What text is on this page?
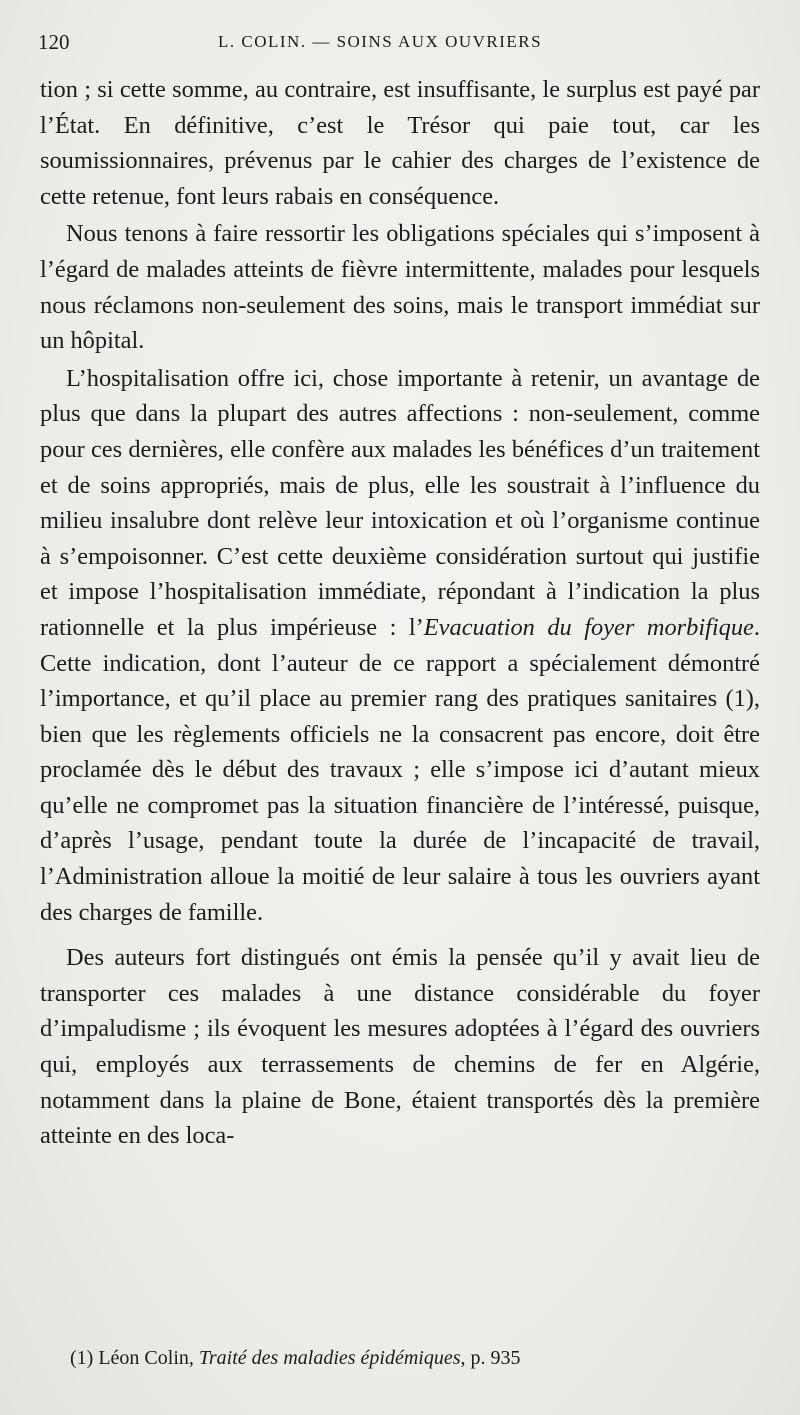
120	L. COLIN. — SOINS AUX OUVRIERS

tion ; si cette somme, au contraire, est insuffisante, le surplus est payé par l’État. En définitive, c’est le Trésor qui paie tout, car les soumissionnaires, prévenus par le cahier des charges de l’existence de cette retenue, font leurs rabais en conséquence.

Nous tenons à faire ressortir les obligations spéciales qui s’imposent à l’égard de malades atteints de fièvre intermittente, malades pour lesquels nous réclamons non-seulement des soins, mais le transport immédiat sur un hôpital.

L’hospitalisation offre ici, chose importante à retenir, un avantage de plus que dans la plupart des autres affections : non-seulement, comme pour ces dernières, elle confère aux malades les bénéfices d’un traitement et de soins appropriés, mais de plus, elle les soustrait à l’influence du milieu insalubre dont relève leur intoxication et où l’organisme continue à s’empoisonner. C’est cette deuxième considération surtout qui justifie et impose l’hospitalisation immédiate, répondant à l’indication la plus rationnelle et la plus impérieuse : l’Evacuation du foyer morbifique. Cette indication, dont l’auteur de ce rapport a spécialement démontré l’importance, et qu’il place au premier rang des pratiques sanitaires (1), bien que les règlements officiels ne la consacrent pas encore, doit être proclamée dès le début des travaux ; elle s’impose ici d’autant mieux qu’elle ne compromet pas la situation financière de l’intéressé, puisque, d’après l’usage, pendant toute la durée de l’incapacité de travail, l’Administration alloue la moitié de leur salaire à tous les ouvriers ayant des charges de famille.

Des auteurs fort distingués ont émis la pensée qu’il y avait lieu de transporter ces malades à une distance considérable du foyer d’impaludisme ; ils évoquent les mesures adoptées à l’égard des ouvriers qui, employés aux terrassements de chemins de fer en Algérie, notamment dans la plaine de Bone, étaient transportés dès la première atteinte en des loca-

(1) Léon Colin, Traité des maladies épidémiques, p. 935
